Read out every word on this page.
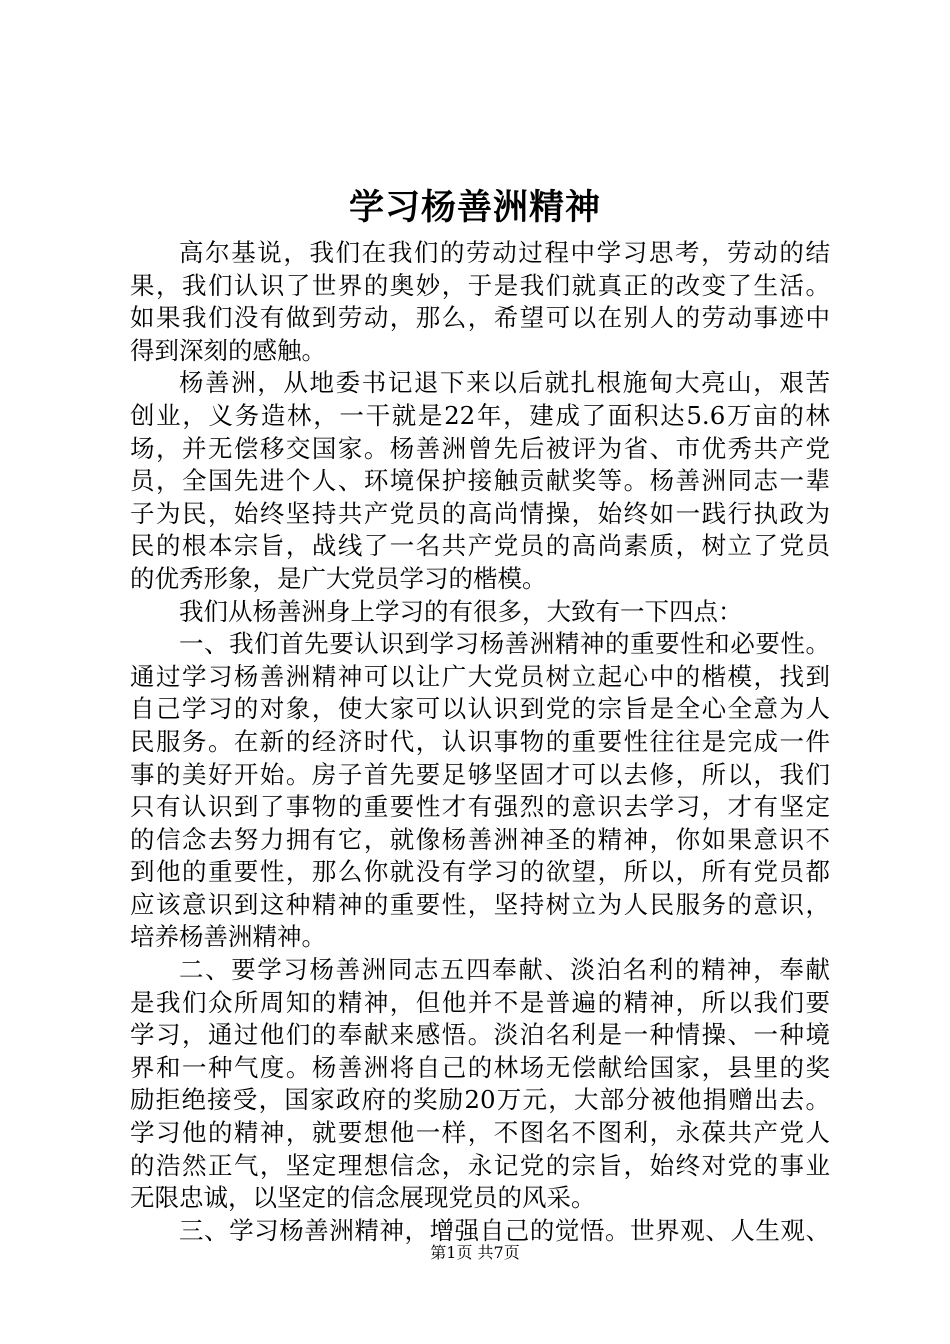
学习杨善洲精神
高尔基说，我们在我们的劳动过程中学习思考，劳动的结
果，我们认识了世界的奥妙，于是我们就真正的改变了生活。
如果我们没有做到劳动，那么，希望可以在别人的劳动事迹中
得到深刻的感触。
杨善洲，从地委书记退下来以后就扎根施甸大亮山，艰苦
创业，义务造林，一干就是22年，建成了面积达5.6万亩的林
场，并无偿移交国家。杨善洲曾先后被评为省、市优秀共产党
员，全国先进个人、环境保护接触贡献奖等。杨善洲同志一辈
子为民，始终坚持共产党员的高尚情操，始终如一践行执政为
民的根本宗旨，战线了一名共产党员的高尚素质，树立了党员
的优秀形象，是广大党员学习的楷模。
我们从杨善洲身上学习的有很多，大致有一下四点：
一、我们首先要认识到学习杨善洲精神的重要性和必要性。
通过学习杨善洲精神可以让广大党员树立起心中的楷模，找到
自己学习的对象，使大家可以认识到党的宗旨是全心全意为人
民服务。在新的经济时代，认识事物的重要性往往是完成一件
事的美好开始。房子首先要足够坚固才可以去修，所以，我们
只有认识到了事物的重要性才有强烈的意识去学习，才有坚定
的信念去努力拥有它，就像杨善洲神圣的精神，你如果意识不
到他的重要性，那么你就没有学习的欲望，所以，所有党员都
应该意识到这种精神的重要性，坚持树立为人民服务的意识，
培养杨善洲精神。
二、要学习杨善洲同志五四奉献、淡泊名利的精神，奉献
是我们众所周知的精神，但他并不是普遍的精神，所以我们要
学习，通过他们的奉献来感悟。淡泊名利是一种情操、一种境
界和一种气度。杨善洲将自己的林场无偿献给国家，县里的奖
励拒绝接受，国家政府的奖励20万元，大部分被他捐赠出去。
学习他的精神，就要想他一样，不图名不图利，永葆共产党人
的浩然正气，坚定理想信念，永记党的宗旨，始终对党的事业
无限忠诚，以坚定的信念展现党员的风采。
三、学习杨善洲精神，增强自己的觉悟。世界观、人生观、
第1页 共7页
